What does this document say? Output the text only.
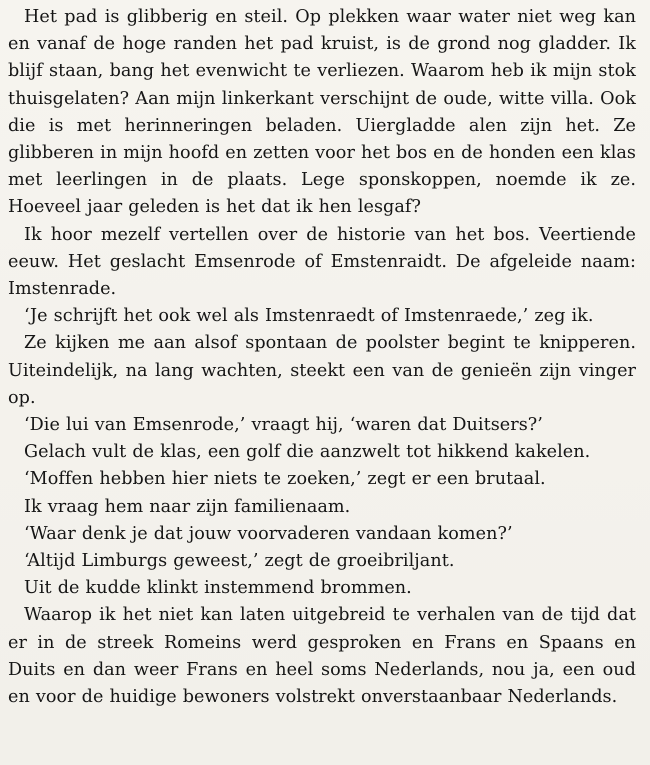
Het pad is glibberig en steil. Op plekken waar water niet weg kan en vanaf de hoge randen het pad kruist, is de grond nog gladder. Ik blijf staan, bang het evenwicht te verliezen. Waarom heb ik mijn stok thuisgelaten? Aan mijn linkerkant verschijnt de oude, witte villa. Ook die is met herinneringen beladen. Uiergladde alen zijn het. Ze glibberen in mijn hoofd en zetten voor het bos en de honden een klas met leerlingen in de plaats. Lege sponskoppen, noemde ik ze. Hoeveel jaar geleden is het dat ik hen lesgaf?

Ik hoor mezelf vertellen over de historie van het bos. Veertiende eeuw. Het geslacht Emsenrode of Emstenraidt. De afgeleide naam: Imstenrade.

‘Je schrijft het ook wel als Imstenraedt of Imstenraede,’ zeg ik.

Ze kijken me aan alsof spontaan de poolster begint te knipperen. Uiteindelijk, na lang wachten, steekt een van de genieën zijn vinger op.

‘Die lui van Emsenrode,’ vraagt hij, ‘waren dat Duitsers?’

Gelach vult de klas, een golf die aanzwelt tot hikkend kakelen.

‘Moffen hebben hier niets te zoeken,’ zegt er een brutaal.

Ik vraag hem naar zijn familienaam.

‘Waar denk je dat jouw voorvaderen vandaan komen?’

‘Altijd Limburgs geweest,’ zegt de groeibriljant.

Uit de kudde klinkt instemmend brommen.

Waarop ik het niet kan laten uitgebreid te verhalen van de tijd dat er in de streek Romeins werd gesproken en Frans en Spaans en Duits en dan weer Frans en heel soms Nederlands, nou ja, een oud en voor de huidige bewoners volstrekt onverstaanbaar Nederlands.
